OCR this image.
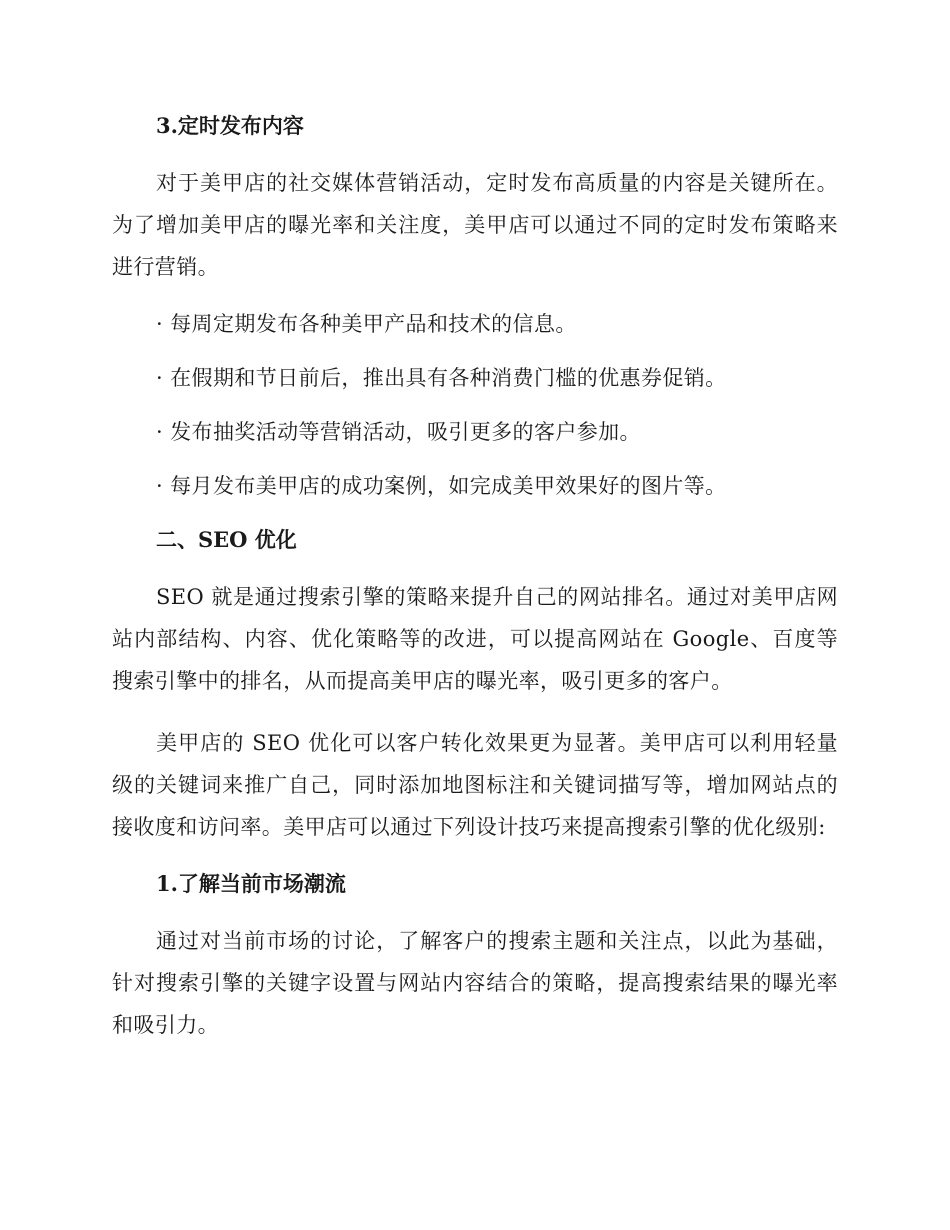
3.定时发布内容

对于美甲店的社交媒体营销活动，定时发布高质量的内容是关键所在。为了增加美甲店的曝光率和关注度，美甲店可以通过不同的定时发布策略来进行营销。

· 每周定期发布各种美甲产品和技术的信息。

· 在假期和节日前后，推出具有各种消费门槛的优惠券促销。

· 发布抽奖活动等营销活动，吸引更多的客户参加。

· 每月发布美甲店的成功案例，如完成美甲效果好的图片等。

二、SEO 优化

SEO 就是通过搜索引擎的策略来提升自己的网站排名。通过对美甲店网站内部结构、内容、优化策略等的改进，可以提高网站在 Google、百度等搜索引擎中的排名，从而提高美甲店的曝光率，吸引更多的客户。

美甲店的 SEO 优化可以客户转化效果更为显著。美甲店可以利用轻量级的关键词来推广自己，同时添加地图标注和关键词描写等，增加网站点的接收度和访问率。美甲店可以通过下列设计技巧来提高搜索引擎的优化级别:

1.了解当前市场潮流

通过对当前市场的讨论，了解客户的搜索主题和关注点，以此为基础，针对搜索引擎的关键字设置与网站内容结合的策略，提高搜索结果的曝光率和吸引力。
